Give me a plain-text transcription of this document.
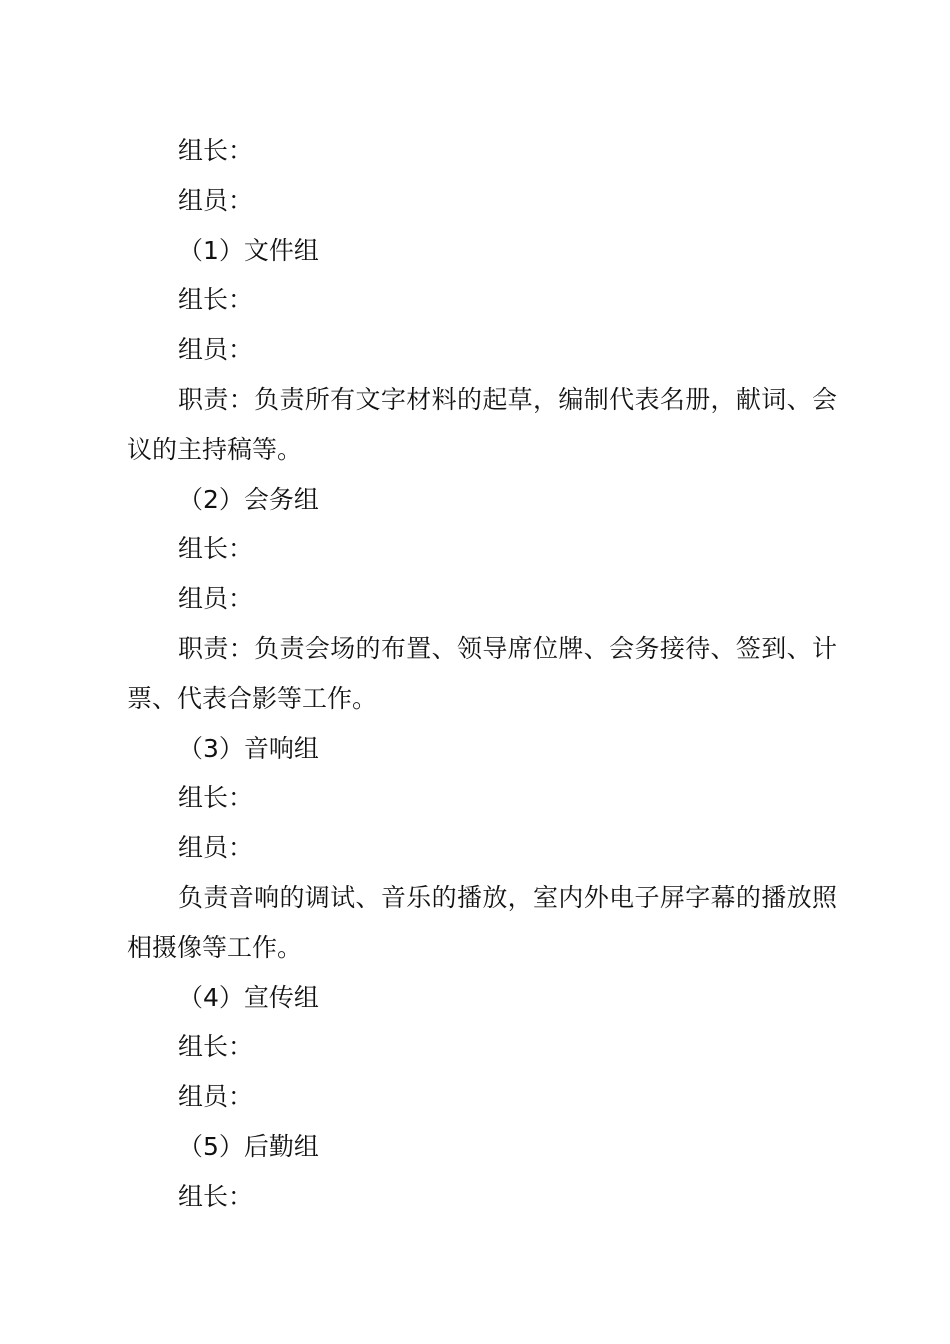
组长：

组员：

（1）文件组

组长：

组员：

职责：负责所有文字材料的起草，编制代表名册，献词、会议的主持稿等。

（2）会务组

组长：

组员：

职责：负责会场的布置、领导席位牌、会务接待、签到、计票、代表合影等工作。

（3）音响组

组长：

组员：

负责音响的调试、音乐的播放，室内外电子屏字幕的播放照相摄像等工作。

（4）宣传组

组长：

组员：

（5）后勤组

组长：
